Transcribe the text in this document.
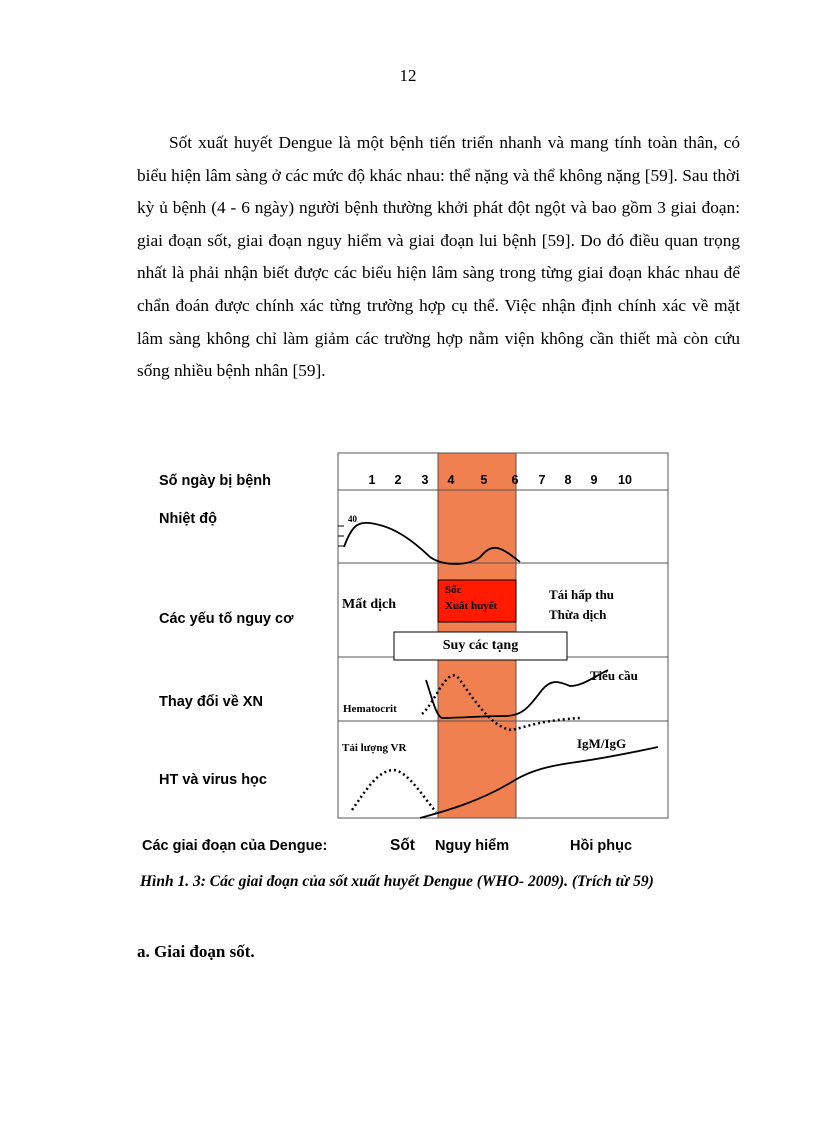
12

Sốt xuất huyết Dengue là một bệnh tiến triển nhanh và mang tính toàn thân, có biểu hiện lâm sàng ở các mức độ khác nhau: thể nặng và thể không nặng [59]. Sau thời kỳ ủ bệnh (4 - 6 ngày) người bệnh thường khởi phát đột ngột và bao gồm 3 giai đoạn: giai đoạn sốt, giai đoạn nguy hiểm và giai đoạn lui bệnh [59]. Do đó điều quan trọng nhất là phải nhận biết được các biểu hiện lâm sàng trong từng giai đoạn khác nhau để chẩn đoán được chính xác từng trường hợp cụ thể. Việc nhận định chính xác về mặt lâm sàng không chỉ làm giảm các trường hợp nằm viện không cần thiết mà còn cứu sống nhiều bệnh nhân [59].

Số ngày bị bệnh
Nhiệt độ
Các yếu tố nguy cơ
Thay đổi về XN
HT và virus học
1	2	3	4	5	6	7	8	9	10
40
Mất dịch
Sốc
Xuất huyết
Tái hấp thu
Thừa dịch
Suy các tạng
Tiểu cầu
Hematocrit
Tải lượng VR	IgM/IgG
Các giai đoạn của Dengue:	Sốt Nguy hiểm	Hồi phục
Hình 1. 3: Các giai đoạn của sốt xuất huyết Dengue (WHO- 2009). (Trích từ 59)
a. Giai đoạn sốt.
